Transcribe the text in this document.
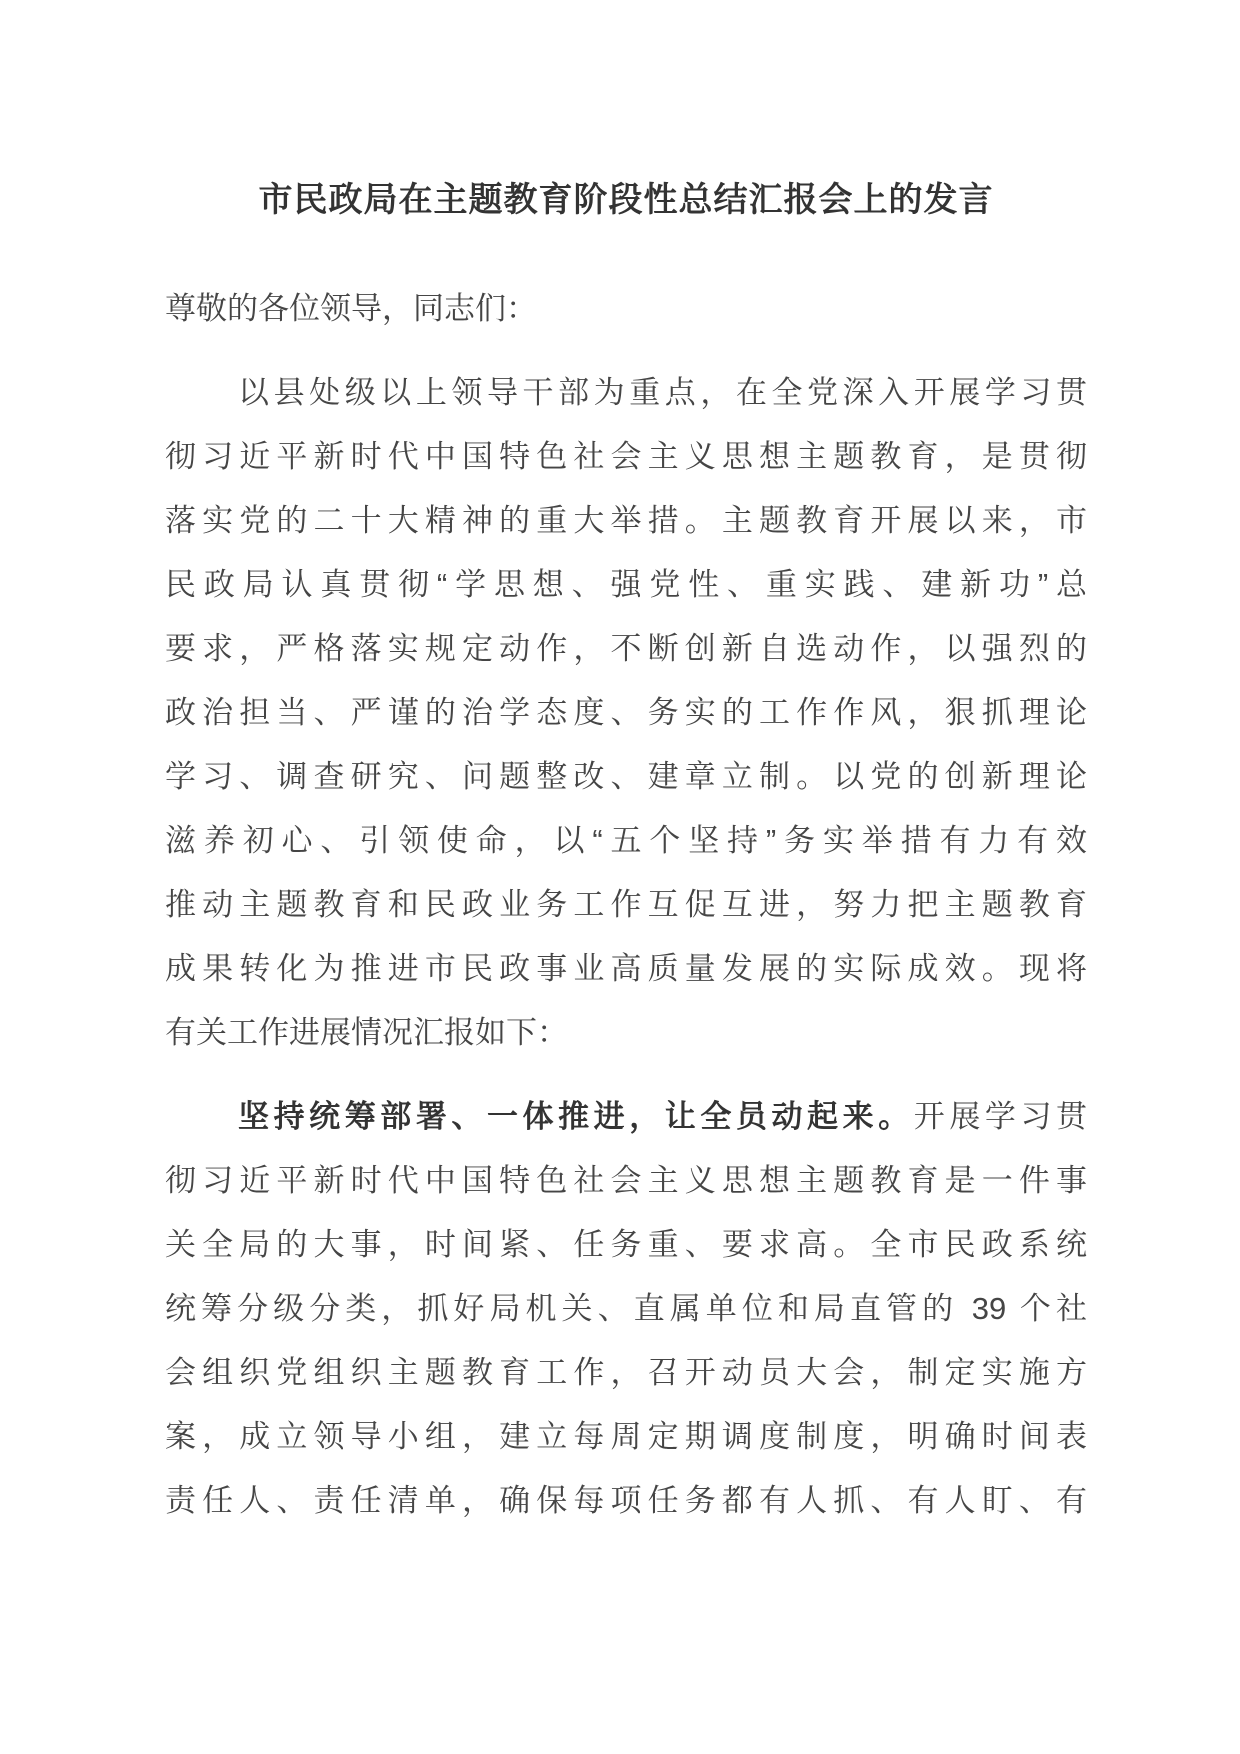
市民政局在主题教育阶段性总结汇报会上的发言
尊敬的各位领导，同志们：
以县处级以上领导干部为重点，在全党深入开展学习贯
彻习近平新时代中国特色社会主义思想主题教育，是贯彻
落实党的二十大精神的重大举措。主题教育开展以来，市
民政局认真贯彻“学思想、强党性、重实践、建新功”总
要求，严格落实规定动作，不断创新自选动作，以强烈的
政治担当、严谨的治学态度、务实的工作作风，狠抓理论
学习、调查研究、问题整改、建章立制。以党的创新理论
滋养初心、引领使命，以“五个坚持”务实举措有力有效
推动主题教育和民政业务工作互促互进，努力把主题教育
成果转化为推进市民政事业高质量发展的实际成效。现将
有关工作进展情况汇报如下：
坚持统筹部署、一体推进，让全员动起来。开展学习贯
彻习近平新时代中国特色社会主义思想主题教育是一件事
关全局的大事，时间紧、任务重、要求高。全市民政系统
统筹分级分类，抓好局机关、直属单位和局直管的 39 个社
会组织党组织主题教育工作，召开动员大会，制定实施方
案，成立领导小组，建立每周定期调度制度，明确时间表
责任人、责任清单，确保每项任务都有人抓、有人盯、有
